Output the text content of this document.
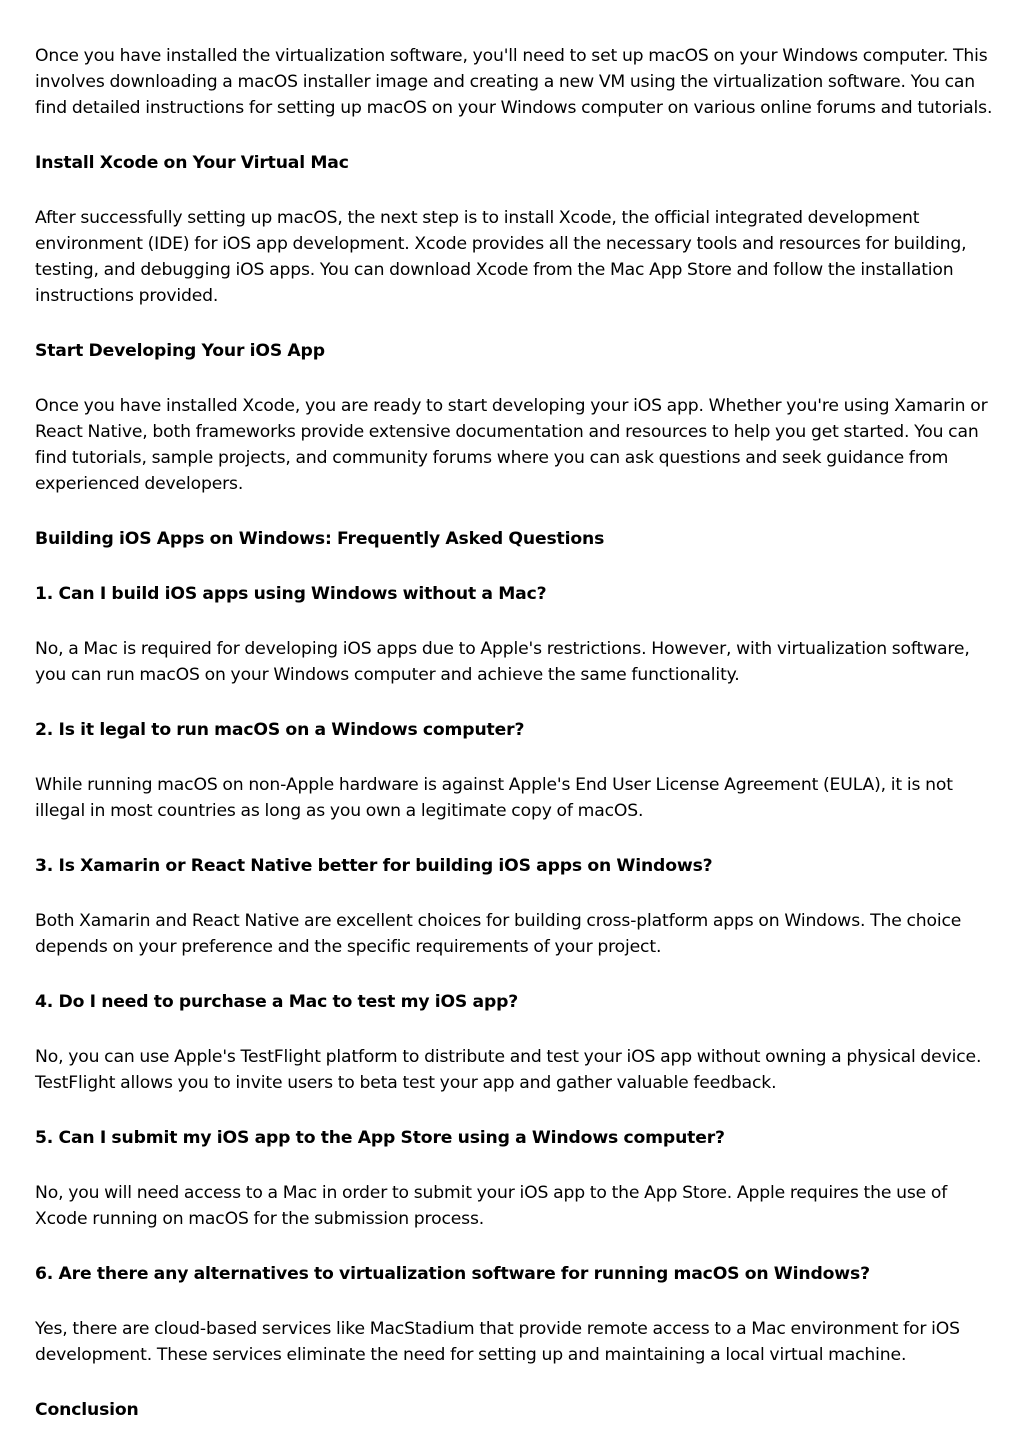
Once you have installed the virtualization software, you'll need to set up macOS on your Windows computer. This involves downloading a macOS installer image and creating a new VM using the virtualization software. You can find detailed instructions for setting up macOS on your Windows computer on various online forums and tutorials.

Install Xcode on Your Virtual Mac

After successfully setting up macOS, the next step is to install Xcode, the official integrated development environment (IDE) for iOS app development. Xcode provides all the necessary tools and resources for building, testing, and debugging iOS apps. You can download Xcode from the Mac App Store and follow the installation instructions provided.

Start Developing Your iOS App

Once you have installed Xcode, you are ready to start developing your iOS app. Whether you're using Xamarin or React Native, both frameworks provide extensive documentation and resources to help you get started. You can find tutorials, sample projects, and community forums where you can ask questions and seek guidance from experienced developers.

Building iOS Apps on Windows: Frequently Asked Questions
1. Can I build iOS apps using Windows without a Mac?

No, a Mac is required for developing iOS apps due to Apple's restrictions. However, with virtualization software, you can run macOS on your Windows computer and achieve the same functionality.

2. Is it legal to run macOS on a Windows computer?

While running macOS on non-Apple hardware is against Apple's End User License Agreement (EULA), it is not illegal in most countries as long as you own a legitimate copy of macOS.

3. Is Xamarin or React Native better for building iOS apps on Windows?

Both Xamarin and React Native are excellent choices for building cross-platform apps on Windows. The choice depends on your preference and the specific requirements of your project.

4. Do I need to purchase a Mac to test my iOS app?

No, you can use Apple's TestFlight platform to distribute and test your iOS app without owning a physical device. TestFlight allows you to invite users to beta test your app and gather valuable feedback.

5. Can I submit my iOS app to the App Store using a Windows computer?

No, you will need access to a Mac in order to submit your iOS app to the App Store. Apple requires the use of Xcode running on macOS for the submission process.

6. Are there any alternatives to virtualization software for running macOS on Windows?

Yes, there are cloud-based services like MacStadium that provide remote access to a Mac environment for iOS development. These services eliminate the need for setting up and maintaining a local virtual machine.

Conclusion
